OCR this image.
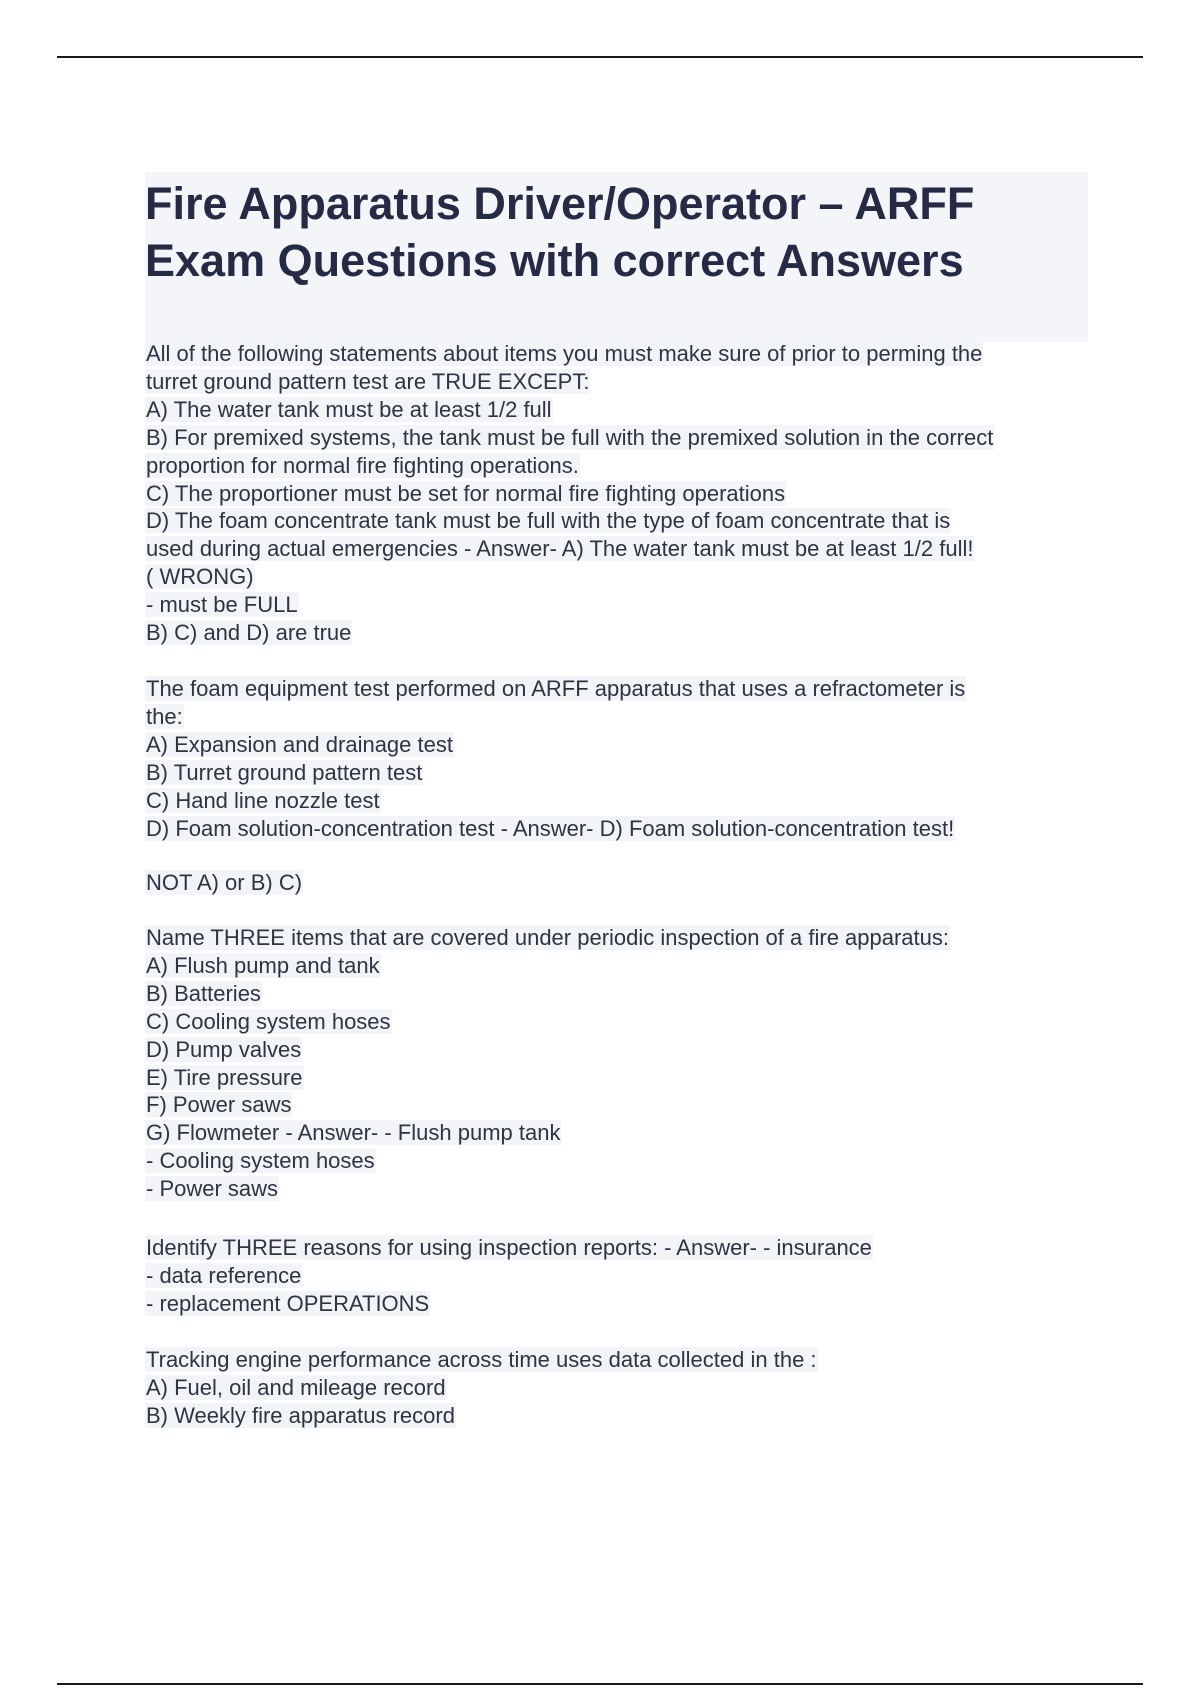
Fire Apparatus Driver/Operator – ARFF
Exam Questions with correct Answers
All of the following statements about items you must make sure of prior to perming the
turret ground pattern test are TRUE EXCEPT:
A) The water tank must be at least 1/2 full
B) For premixed systems, the tank must be full with the premixed solution in the correct
proportion for normal fire fighting operations.
C) The proportioner must be set for normal fire fighting operations
D) The foam concentrate tank must be full with the type of foam concentrate that is
used during actual emergencies - Answer- A) The water tank must be at least 1/2 full!
( WRONG)
- must be FULL
B) C) and D) are true
The foam equipment test performed on ARFF apparatus that uses a refractometer is
the:
A) Expansion and drainage test
B) Turret ground pattern test
C) Hand line nozzle test
D) Foam solution-concentration test - Answer- D) Foam solution-concentration test!
NOT A) or B) C)
Name THREE items that are covered under periodic inspection of a fire apparatus:
A) Flush pump and tank
B) Batteries
C) Cooling system hoses
D) Pump valves
E) Tire pressure
F) Power saws
G) Flowmeter - Answer- - Flush pump tank
- Cooling system hoses
- Power saws
Identify THREE reasons for using inspection reports: - Answer- - insurance
- data reference
- replacement OPERATIONS
Tracking engine performance across time uses data collected in the :
A) Fuel, oil and mileage record
B) Weekly fire apparatus record
